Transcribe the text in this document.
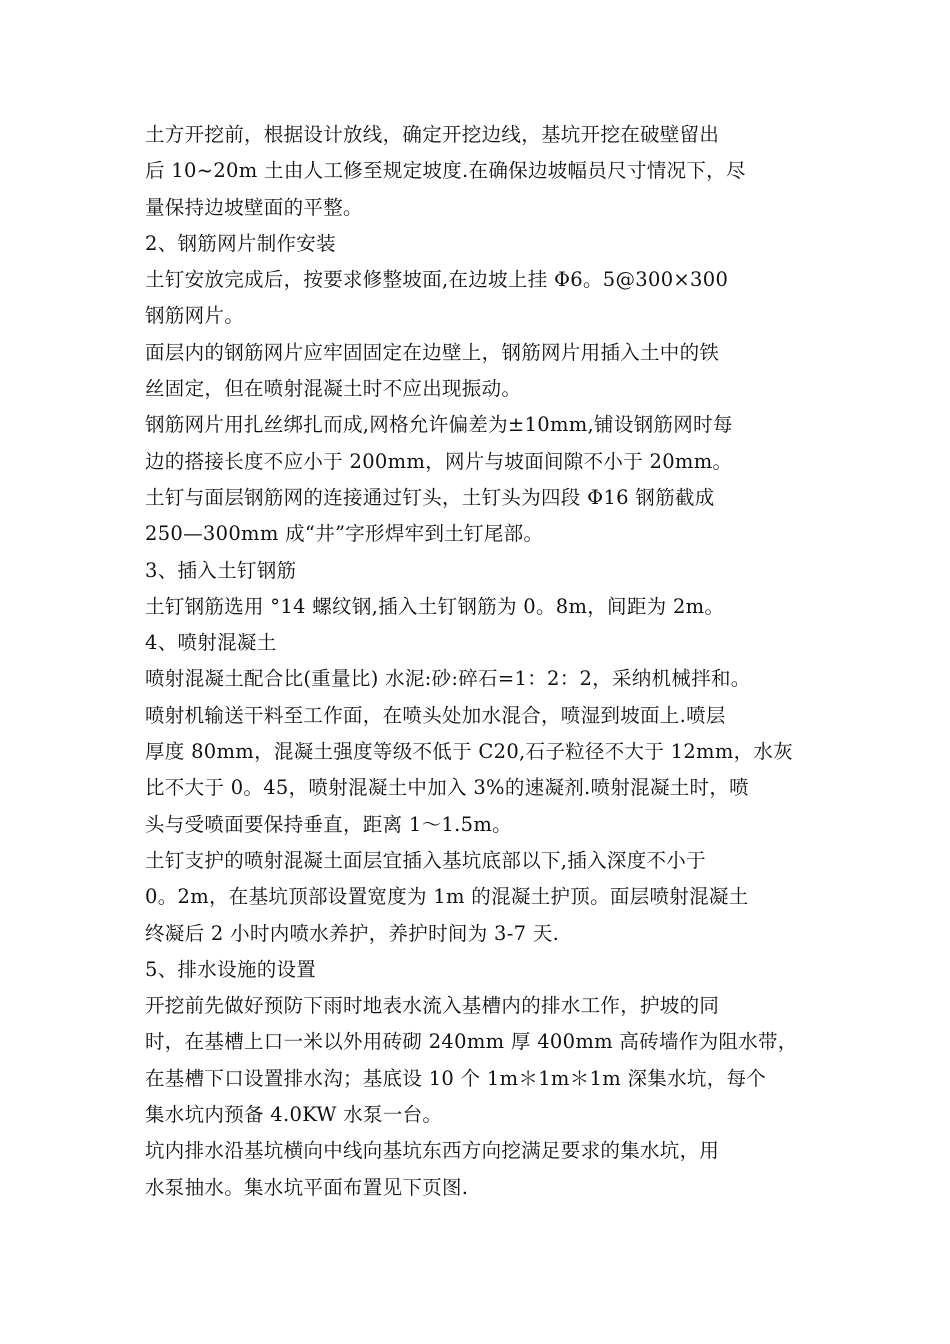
土方开挖前，根据设计放线，确定开挖边线，基坑开挖在破壁留出
后 10~20m 土由人工修至规定坡度.在确保边坡幅员尺寸情况下，尽
量保持边坡壁面的平整。
2、钢筋网片制作安装
土钉安放完成后，按要求修整坡面,在边坡上挂 Φ6。5@300×300
钢筋网片。
面层内的钢筋网片应牢固固定在边壁上，钢筋网片用插入土中的铁
丝固定，但在喷射混凝土时不应出现振动。
钢筋网片用扎丝绑扎而成,网格允许偏差为±10mm,铺设钢筋网时每
边的搭接长度不应小于 200mm，网片与坡面间隙不小于 20mm。
土钉与面层钢筋网的连接通过钉头，土钉头为四段 Φ16 钢筋截成
250—300mm 成“井”字形焊牢到土钉尾部。
3、插入土钉钢筋
土钉钢筋选用 °14 螺纹钢,插入土钉钢筋为 0。8m，间距为 2m。
4、喷射混凝土
喷射混凝土配合比(重量比) 水泥:砂:碎石=1：2：2，采纳机械拌和。
喷射机输送干料至工作面，在喷头处加水混合，喷湿到坡面上.喷层
厚度 80mm，混凝土强度等级不低于 C20,石子粒径不大于 12mm，水灰
比不大于 0。45，喷射混凝土中加入 3%的速凝剂.喷射混凝土时，喷
头与受喷面要保持垂直，距离 1～1.5m。
土钉支护的喷射混凝土面层宜插入基坑底部以下,插入深度不小于
0。2m，在基坑顶部设置宽度为 1m 的混凝土护顶。面层喷射混凝土
终凝后 2 小时内喷水养护，养护时间为 3-7 天.
5、排水设施的设置
开挖前先做好预防下雨时地表水流入基槽内的排水工作，护坡的同
时，在基槽上口一米以外用砖砌 240mm 厚 400mm 高砖墙作为阻水带，
在基槽下口设置排水沟；基底设 10 个 1m＊1m＊1m 深集水坑，每个
集水坑内预备 4.0KW 水泵一台。
坑内排水沿基坑横向中线向基坑东西方向挖满足要求的集水坑，用
水泵抽水。集水坑平面布置见下页图.
